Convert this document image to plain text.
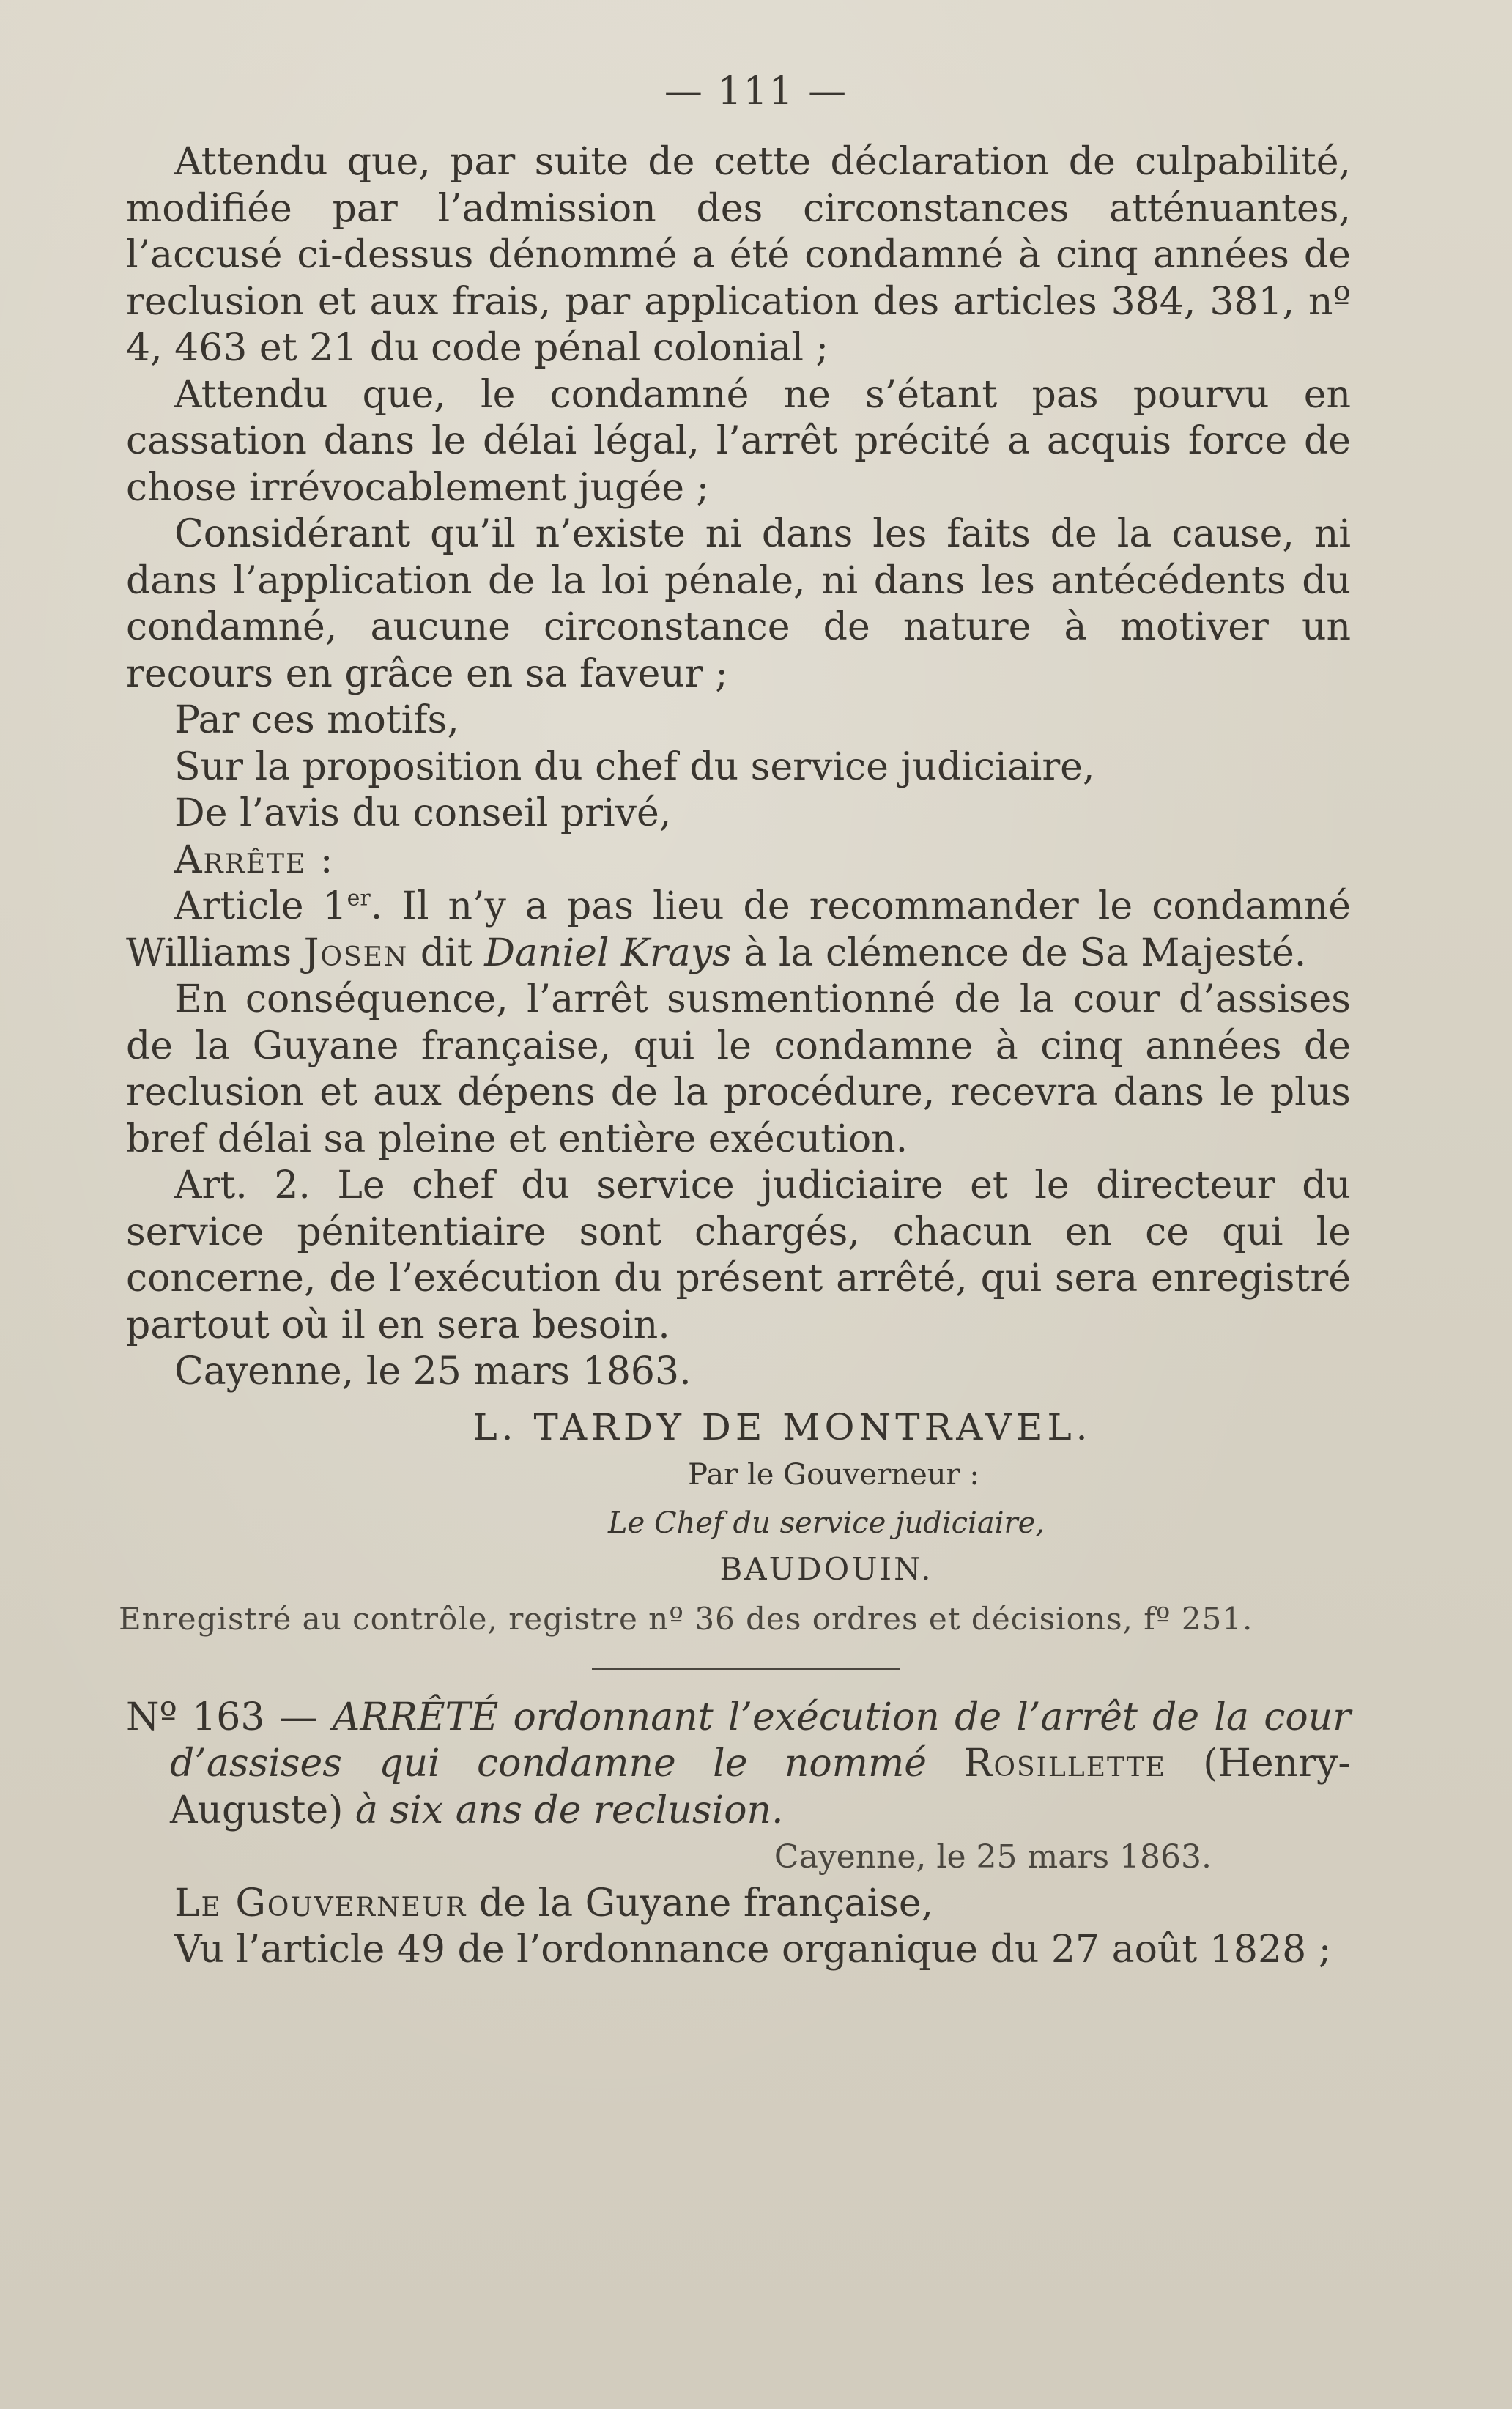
— 111 —

Attendu que, par suite de cette déclaration de culpabilité, modifiée par l’admission des circonstances atténuantes, l’accusé ci-dessus dénommé a été condamné à cinq années de reclusion et aux frais, par application des articles 384, 381, nº 4, 463 et 21 du code pénal colonial ;

Attendu que, le condamné ne s’étant pas pourvu en cassation dans le délai légal, l’arrêt précité a acquis force de chose irrévocablement jugée ;

Considérant qu’il n’existe ni dans les faits de la cause, ni dans l’application de la loi pénale, ni dans les antécédents du condamné, aucune circonstance de nature à motiver un recours en grâce en sa faveur ;

Par ces motifs,

Sur la proposition du chef du service judiciaire,

De l’avis du conseil privé,

Arrête :

Article 1er. Il n’y a pas lieu de recommander le condamné Williams Josen dit Daniel Krays à la clémence de Sa Majesté.

En conséquence, l’arrêt susmentionné de la cour d’assises de la Guyane française, qui le condamne à cinq années de reclusion et aux dépens de la procédure, recevra dans le plus bref délai sa pleine et entière exécution.

Art. 2. Le chef du service judiciaire et le directeur du service pénitentiaire sont chargés, chacun en ce qui le concerne, de l’exécution du présent arrêté, qui sera enregistré partout où il en sera besoin.

Cayenne, le 25 mars 1863.

L. TARDY DE MONTRAVEL.

Par le Gouverneur :

Le Chef du service judiciaire,

BAUDOUIN.

Enregistré au contrôle, registre nº 36 des ordres et décisions, fº 251.

Nº 163 — ARRÊTÉ ordonnant l’exécution de l’arrêt de la cour d’assises qui condamne le nommé Rosillette (Henry-Auguste) à six ans de reclusion.

Cayenne, le 25 mars 1863.

Le Gouverneur de la Guyane française,

Vu l’article 49 de l’ordonnance organique du 27 août 1828 ;
